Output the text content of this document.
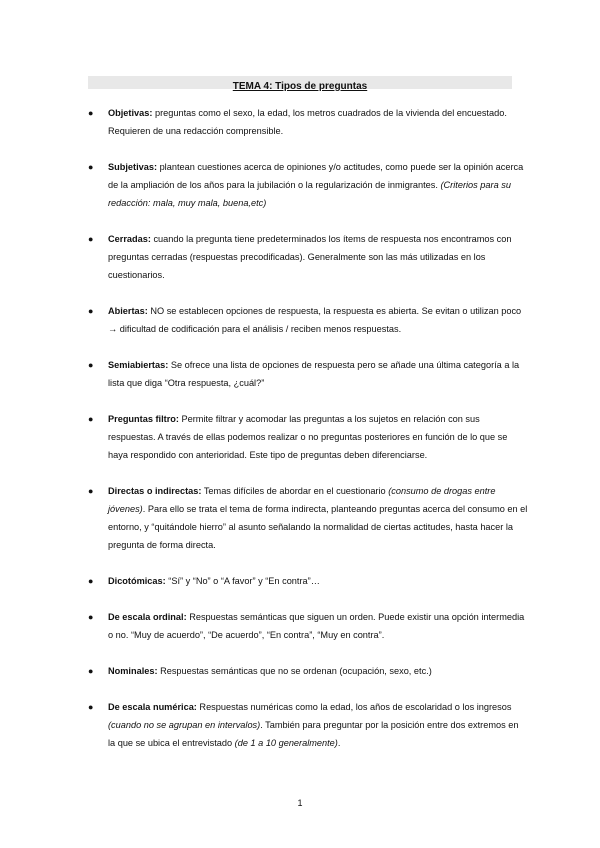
TEMA 4: Tipos de preguntas
● Objetivas: preguntas como el sexo, la edad, los metros cuadrados de la vivienda del encuestado. Requieren de una redacción comprensible.
● Subjetivas: plantean cuestiones acerca de opiniones y/o actitudes, como puede ser la opinión acerca de la ampliación de los años para la jubilación o la regularización de inmigrantes. (Criterios para su redacción: mala, muy mala, buena,etc)
● Cerradas: cuando la pregunta tiene predeterminados los ítems de respuesta nos encontramos con preguntas cerradas (respuestas precodificadas). Generalmente son las más utilizadas en los cuestionarios.
● Abiertas: NO se establecen opciones de respuesta, la respuesta es abierta. Se evitan o utilizan poco → dificultad de codificación para el análisis / reciben menos respuestas.
● Semiabiertas: Se ofrece una lista de opciones de respuesta pero se añade una última categoría a la lista que diga “Otra respuesta, ¿cuál?”
● Preguntas filtro: Permite filtrar y acomodar las preguntas a los sujetos en relación con sus respuestas. A través de ellas podemos realizar o no preguntas posteriores en función de lo que se haya respondido con anterioridad. Este tipo de preguntas deben diferenciarse.
● Directas o indirectas: Temas difíciles de abordar en el cuestionario (consumo de drogas entre jóvenes). Para ello se trata el tema de forma indirecta, planteando preguntas acerca del consumo en el entorno, y “quitándole hierro” al asunto señalando la normalidad de ciertas actitudes, hasta hacer la pregunta de forma directa.
● Dicotómicas: “Sí” y “No” o “A favor” y “En contra”…
● De escala ordinal: Respuestas semánticas que siguen un orden. Puede existir una opción intermedia o no. “Muy de acuerdo”, “De acuerdo”, “En contra”, “Muy en contra”.
● Nominales: Respuestas semánticas que no se ordenan (ocupación, sexo, etc.)
● De escala numérica: Respuestas numéricas como la edad, los años de escolaridad o los ingresos (cuando no se agrupan en intervalos). También para preguntar por la posición entre dos extremos en la que se ubica el entrevistado (de 1 a 10 generalmente).
1
